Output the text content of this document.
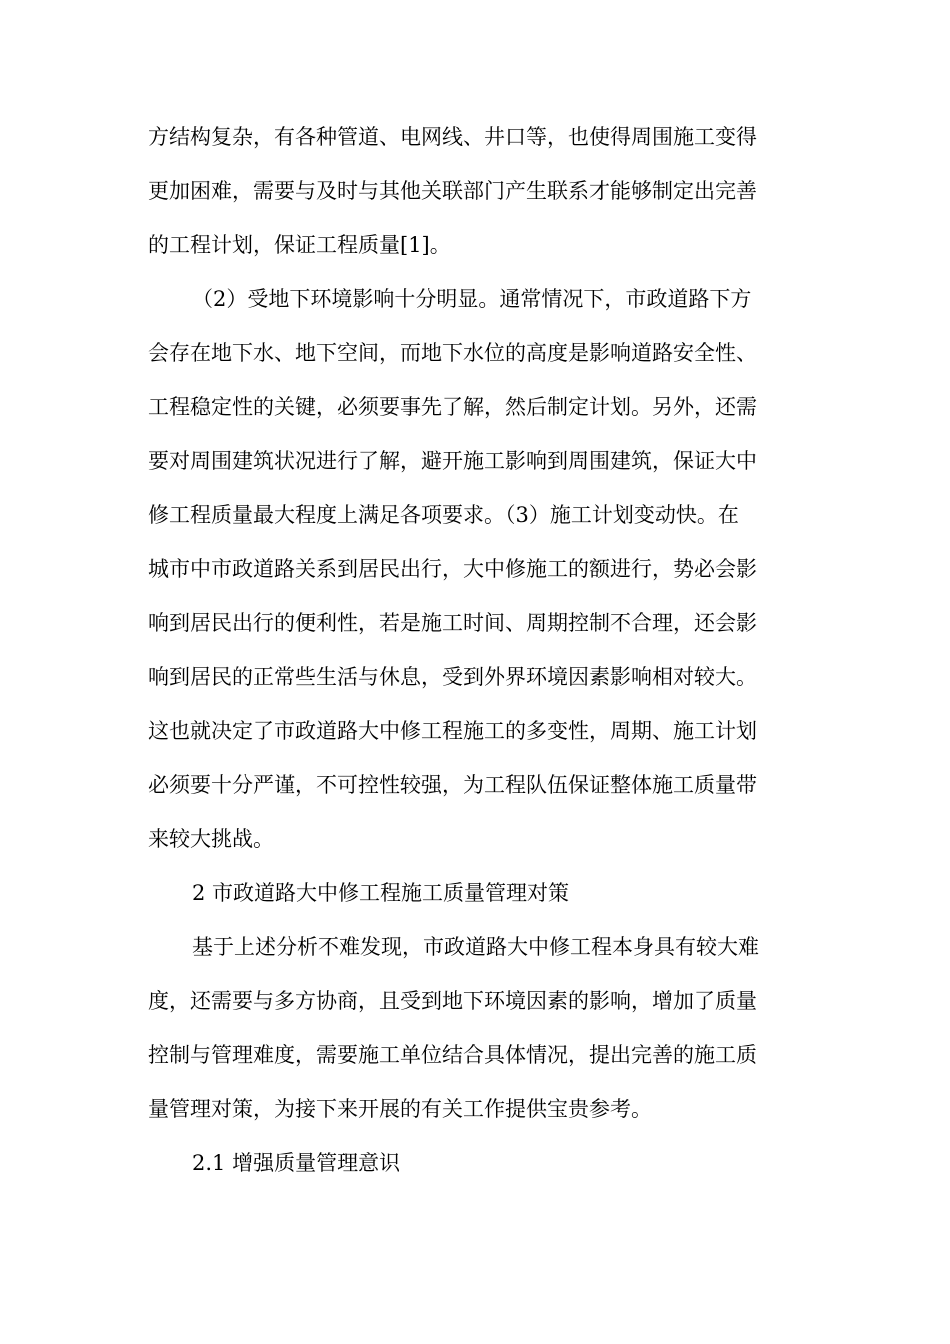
方结构复杂，有各种管道、电网线、井口等，也使得周围施工变得
更加困难，需要与及时与其他关联部门产生联系才能够制定出完善
的工程计划，保证工程质量[1]。
（2）受地下环境影响十分明显。通常情况下，市政道路下方
会存在地下水、地下空间，而地下水位的高度是影响道路安全性、
工程稳定性的关键，必须要事先了解，然后制定计划。另外，还需
要对周围建筑状况进行了解，避开施工影响到周围建筑，保证大中
修工程质量最大程度上满足各项要求。（3）施工计划变动快。在
城市中市政道路关系到居民出行，大中修施工的额进行，势必会影
响到居民出行的便利性，若是施工时间、周期控制不合理，还会影
响到居民的正常些生活与休息，受到外界环境因素影响相对较大。
这也就决定了市政道路大中修工程施工的多变性，周期、施工计划
必须要十分严谨，不可控性较强，为工程队伍保证整体施工质量带
来较大挑战。
2 市政道路大中修工程施工质量管理对策
基于上述分析不难发现，市政道路大中修工程本身具有较大难
度，还需要与多方协商，且受到地下环境因素的影响，增加了质量
控制与管理难度，需要施工单位结合具体情况，提出完善的施工质
量管理对策，为接下来开展的有关工作提供宝贵参考。
2.1 增强质量管理意识
